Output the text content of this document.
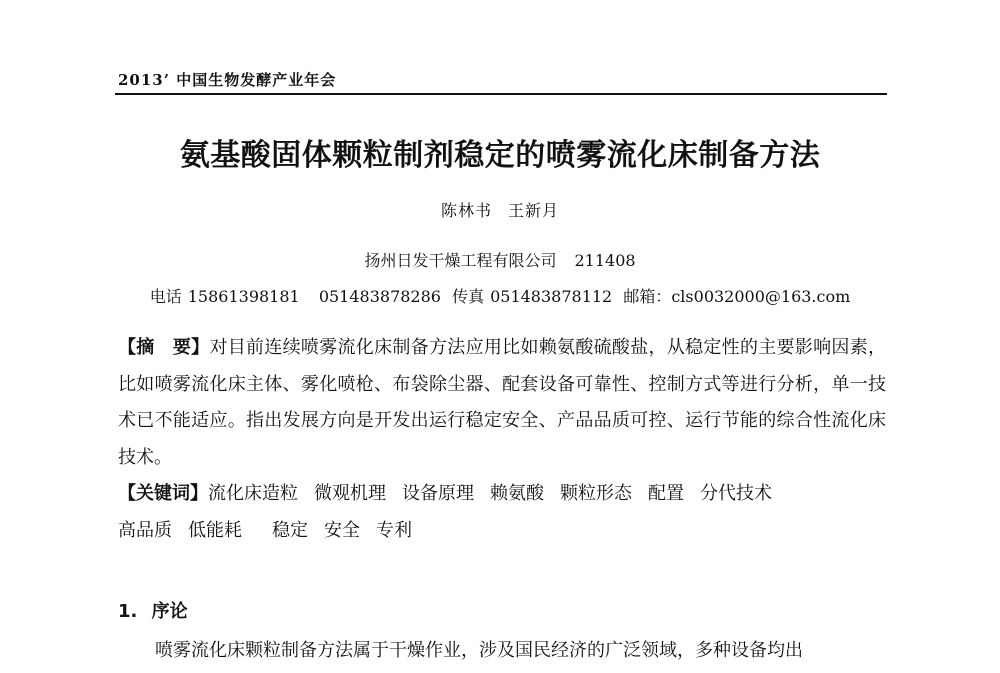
2013’ 中国生物发酵产业年会
氨基酸固体颗粒制剂稳定的喷雾流化床制备方法
陈林书 王新月
扬州日发干燥工程有限公司 211408
电话 15861398181 051483878286 传真 051483878112 邮箱：cls0032000@163.com
【摘　要】对目前连续喷雾流化床制备方法应用比如赖氨酸硫酸盐，从稳定性的主要影响因素，比如喷雾流化床主体、雾化喷枪、布袋除尘器、配套设备可靠性、控制方式等进行分析，单一技术已不能适应。指出发展方向是开发出运行稳定安全、产品品质可控、运行节能的综合性流化床技术。
【关键词】流化床造粒 微观机理 设备原理 赖氨酸 颗粒形态 配置 分代技术
高品质 低能耗 稳定 安全 专利
1. 序论
喷雾流化床颗粒制备方法属于干燥作业，涉及国民经济的广泛领域，多种设备均出
